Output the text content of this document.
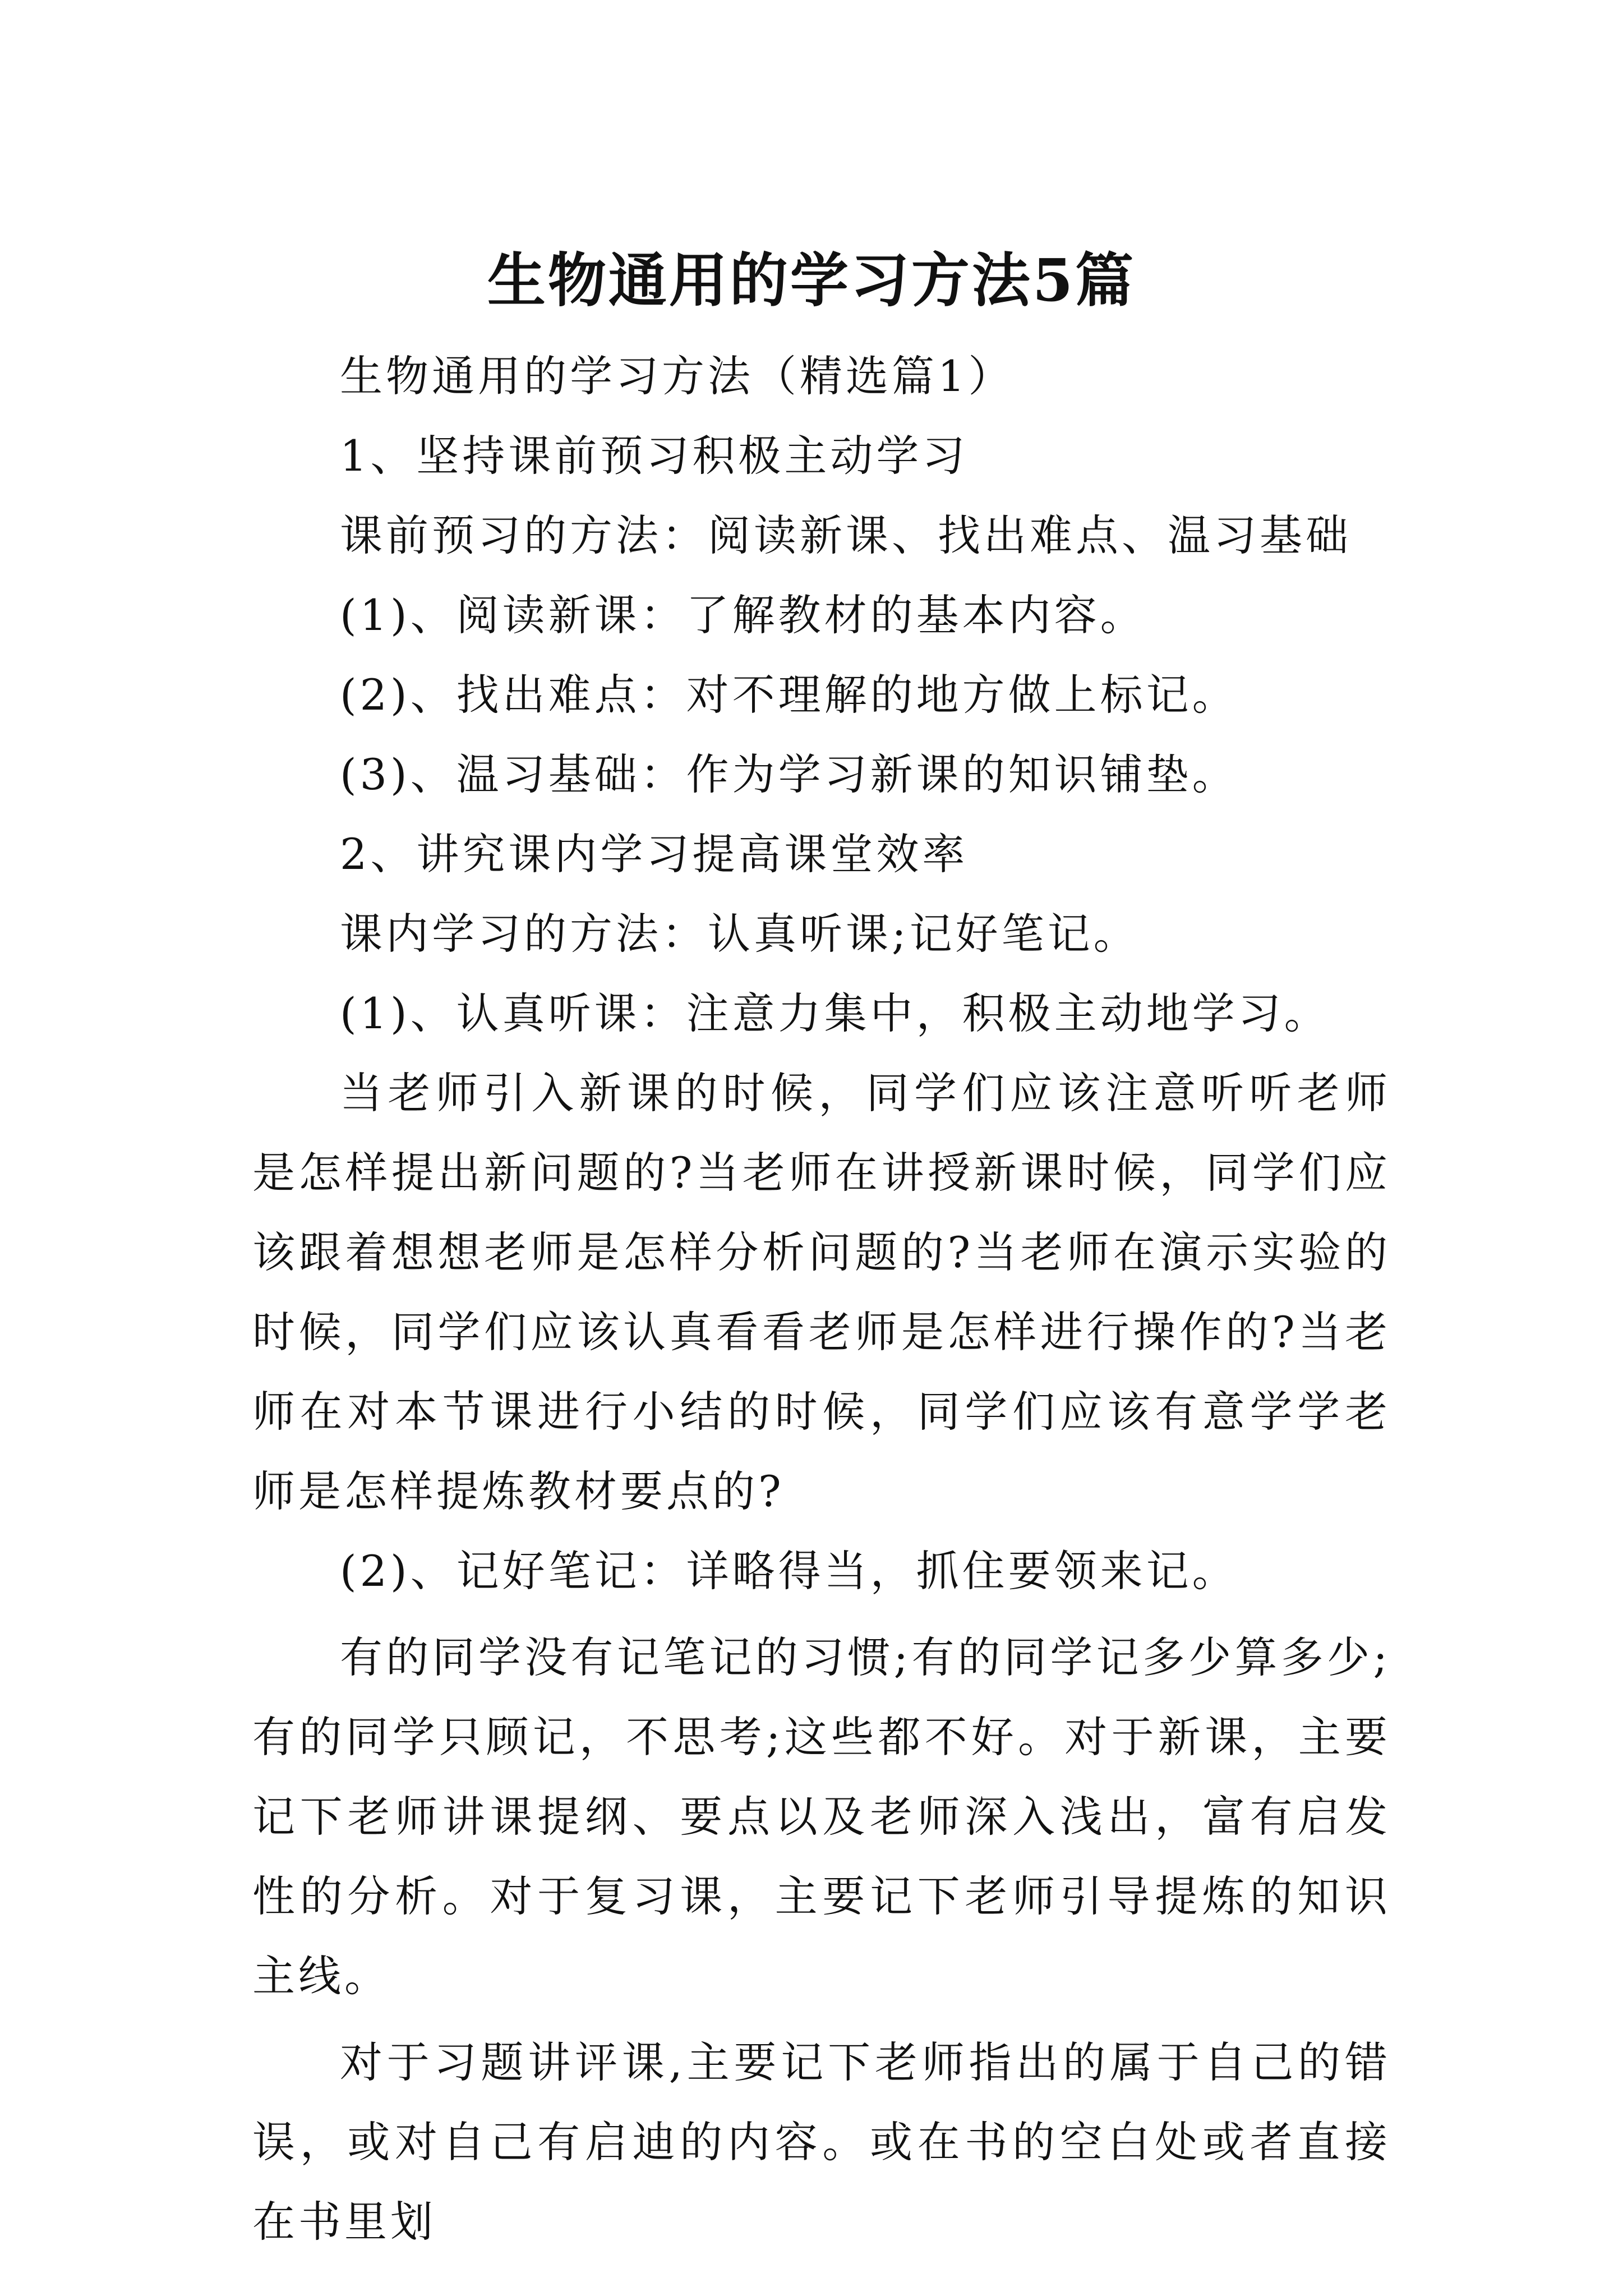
生物通用的学习方法5篇

生物通用的学习方法（精选篇1）

1、坚持课前预习积极主动学习

课前预习的方法：阅读新课、找出难点、温习基础

(1)、阅读新课：了解教材的基本内容。

(2)、找出难点：对不理解的地方做上标记。

(3)、温习基础：作为学习新课的知识铺垫。

2、讲究课内学习提高课堂效率

课内学习的方法：认真听课;记好笔记。

(1)、认真听课：注意力集中，积极主动地学习。

当老师引入新课的时候，同学们应该注意听听老师是怎样提出新问题的?当老师在讲授新课时候，同学们应该跟着想想老师是怎样分析问题的?当老师在演示实验的时候，同学们应该认真看看老师是怎样进行操作的?当老师在对本节课进行小结的时候，同学们应该有意学学老师是怎样提炼教材要点的?

(2)、记好笔记：详略得当，抓住要领来记。

有的同学没有记笔记的习惯;有的同学记多少算多少;有的同学只顾记，不思考;这些都不好。对于新课，主要记下老师讲课提纲、要点以及老师深入浅出，富有启发性的分析。对于复习课，主要记下老师引导提炼的知识主线。

对于习题讲评课,主要记下老师指出的属于自己的错误，或对自己有启迪的内容。或在书的空白处或者直接在书里划
